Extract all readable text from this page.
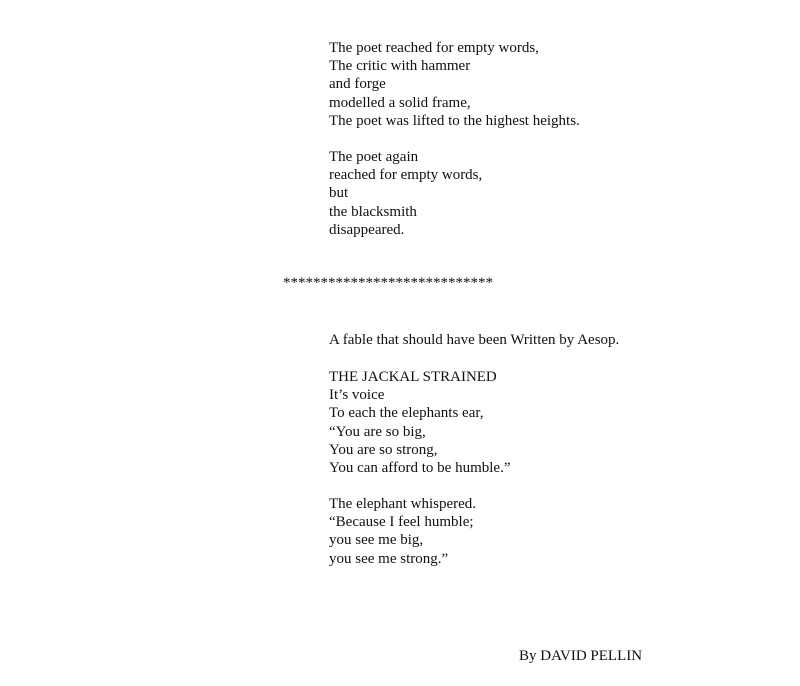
The poet reached for empty words,
The critic with hammer
and forge
modelled a solid frame,
The poet was lifted to the highest heights.
The poet again
reached for empty words,
but
the blacksmith
disappeared.
****************************
A fable that should have been Written by Aesop.
THE JACKAL STRAINED
It’s voice
To each the elephants ear,
“You are so big,
You are so strong,
You can afford to be humble.”
The elephant whispered.
“Because I feel humble;
you see me big,
you see me strong.”
By DAVID PELLIN
